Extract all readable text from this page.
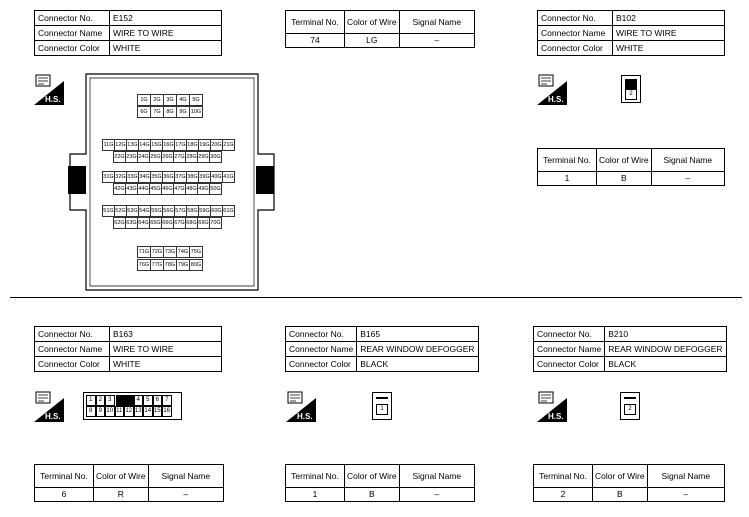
Connector No.	E152
Connector Name	WIRE TO WIRE
Connector Color	WHITE
Terminal No.	Color of Wire	Signal Name
74	LG	–
H.S.	1G	2G	3G	4G	5G
6G	7G	8G	9G 10G
11G 12G 13G 14G 15G 16G 17G 18G 19G 20G 21G
22G 23G 24G 25G 26G 27G 28G 29G 30G
31G 32G 33G 34G 35G 36G 37G 38G 39G 40G 41G
42G 43G 44G 45G 46G 47G 48G 49G 50G
51G 52G 53G 54G 55G 56G 57G 58G 59G 60G 61G
62G 63G 64G 65G 66G 67G 68G 69G 70G
71G 72G 73G 74G 75G
76G 77G 78G 79G 80G
Connector No.	B102
Connector Name	WIRE TO WIRE
Connector Color	WHITE
H.S.
1
2
Terminal No.	Color of Wire	Signal Name
1	B	–
Connector No.	B163
Connector Name	WIRE TO WIRE
Connector Color	WHITE
H.S.
1	2	3	4	5	6	7
8	9 10 11 12 13 14 15 16
Terminal No.	Color of Wire	Signal Name
6	R	–
Connector No.	B165
Connector Name	REAR WINDOW DEFOGGER
Connector Color	BLACK
H.S.
1
Terminal No.	Color of Wire	Signal Name
1	B	–
Connector No.	B210
Connector Name	REAR WINDOW DEFOGGER
Connector Color	BLACK
H.S.
2
Terminal No.	Color of Wire	Signal Name
2	B	–
